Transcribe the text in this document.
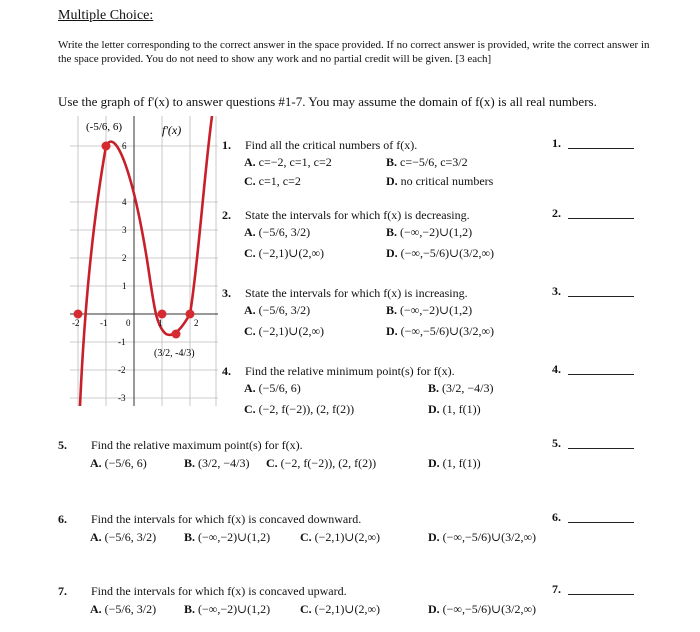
Multiple Choice:
Write the letter corresponding to the correct answer in the space provided. If no correct answer is provided, write the correct answer in the space provided. You do not need to show any work and no partial credit will be given. [3 each]
Use the graph of f'(x) to answer questions #1-7. You may assume the domain of f(x) is all real numbers.
(-5/6, 6)	f'(x)
(3/2, -4/3)
6
4
3
2
1
-1
-2
-3
-2 -1 0	1	2
1. Find all the critical numbers of f(x).
A. c=−2, c=1, c=2	B. c=−5/6, c=3/2
C. c=1, c=2	D. no critical numbers
2. State the intervals for which f(x) is decreasing.
A. (−5/6, 3/2)	B. (−∞,−2)∪(1,2)
C. (−2,1)∪(2,∞)	D. (−∞,−5/6)∪(3/2,∞)
3. State the intervals for which f(x) is increasing.
A. (−5/6, 3/2)	B. (−∞,−2)∪(1,2)
C. (−2,1)∪(2,∞)	D. (−∞,−5/6)∪(3/2,∞)
4. Find the relative minimum point(s) for f(x).
A. (−5/6, 6)	B. (3/2, −4/3)
C. (−2, f(−2)), (2, f(2))	D. (1, f(1))
5. Find the relative maximum point(s) for f(x).
A. (−5/6, 6)	B. (3/2, −4/3) C. (−2, f(−2)), (2, f(2))	D. (1, f(1))
6. Find the intervals for which f(x) is concaved downward.
A. (−5/6, 3/2) B. (−∞,−2)∪(1,2) C. (−2,1)∪(2,∞)	D. (−∞,−5/6)∪(3/2,∞)
7. Find the intervals for which f(x) is concaved upward.
A. (−5/6, 3/2) B. (−∞,−2)∪(1,2) C. (−2,1)∪(2,∞)	D. (−∞,−5/6)∪(3/2,∞)
1.
2.
3.
4.
5.
6.
7.
